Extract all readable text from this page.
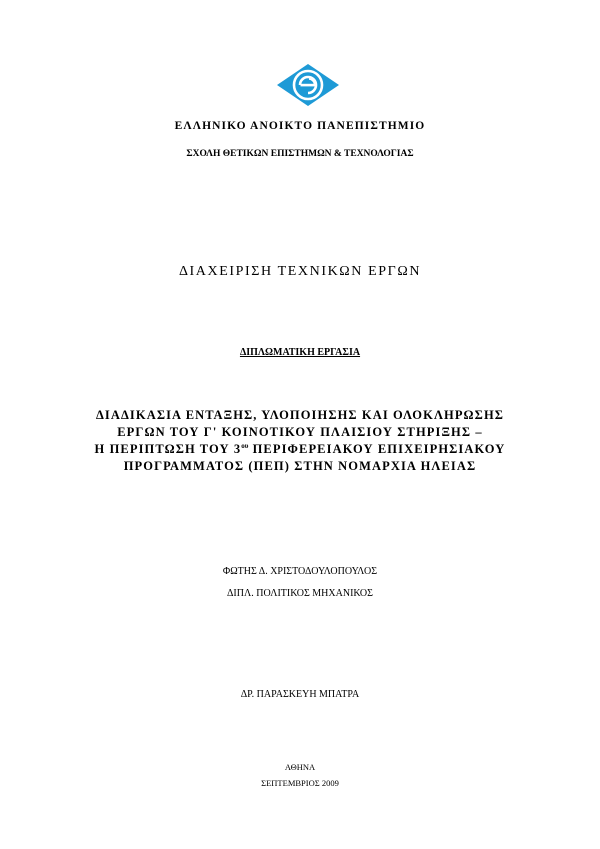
ΕΛΛΗΝΙΚΟ ΑΝΟΙΚΤΟ ΠΑΝΕΠΙΣΤΗΜΙΟ
ΣΧΟΛΗ ΘΕΤΙΚΩΝ ΕΠΙΣΤΗΜΩΝ & ΤΕΧΝΟΛΟΓΙΑΣ
ΔΙΑΧΕΙΡΙΣΗ ΤΕΧΝΙΚΩΝ ΕΡΓΩΝ
ΔΙΠΛΩΜΑΤΙΚΗ ΕΡΓΑΣΙΑ
ΔΙΑΔΙΚΑΣΙΑ ΕΝΤΑΞΗΣ, ΥΛΟΠΟΙΗΣΗΣ ΚΑΙ ΟΛΟΚΛΗΡΩΣΗΣ
ΕΡΓΩΝ ΤΟΥ Γ' ΚΟΙΝΟΤΙΚΟΥ ΠΛΑΙΣΙΟΥ ΣΤΗΡΙΞΗΣ –
Η ΠΕΡΙΠΤΩΣΗ ΤΟΥ $3^{o\upsilon}$ ΠΕΡΙΦΕΡΕΙΑΚΟΥ ΕΠΙΧΕΙΡΗΣΙΑΚΟΥ
ΠΡΟΓΡΑΜΜΑΤΟΣ (ΠΕΠ) ΣΤΗΝ ΝΟΜΑΡΧΙΑ ΗΛΕΙΑΣ
ΦΩΤΗΣ Δ. ΧΡΙΣΤΟΔΟΥΛΟΠΟΥΛΟΣ
ΔΙΠΛ. ΠΟΛΙΤΙΚΟΣ ΜΗΧΑΝΙΚΟΣ
ΔΡ. ΠΑΡΑΣΚΕΥΗ ΜΠΑΤΡΑ
ΑΘΗΝΑ
ΣΕΠΤΕΜΒΡΙΟΣ 2009
